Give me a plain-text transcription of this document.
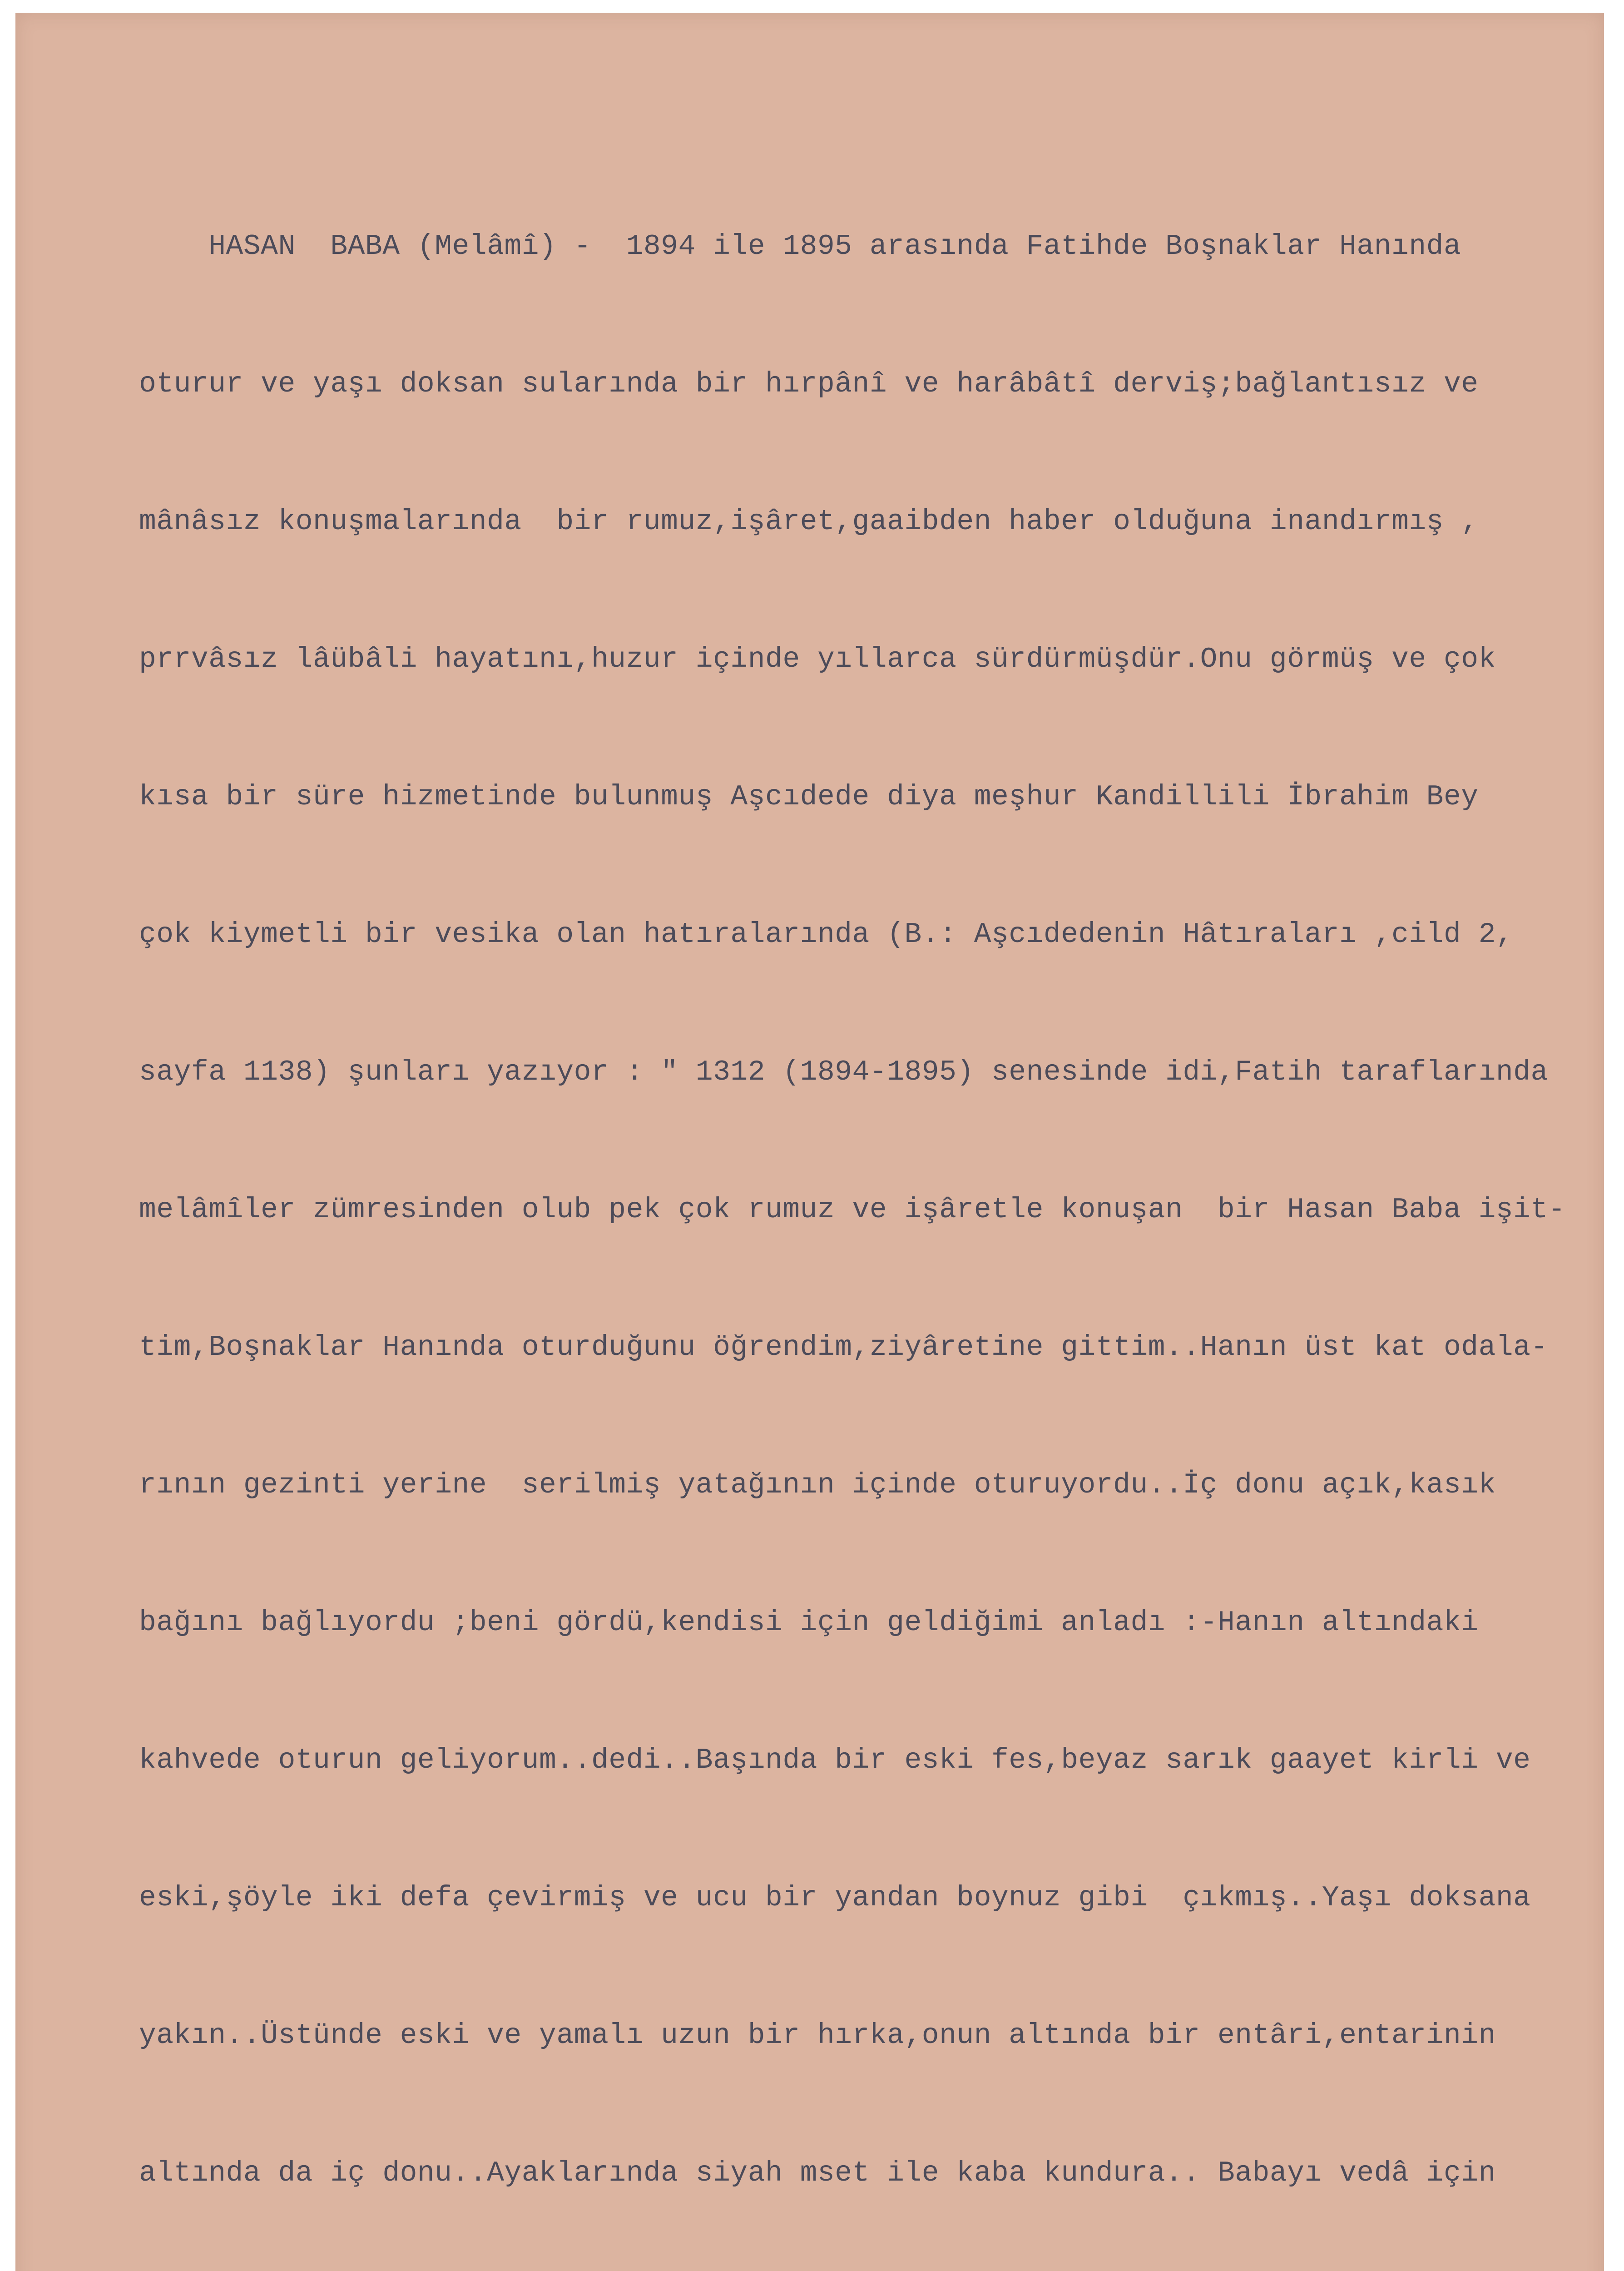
HASAN  BABA (Melâmî) -  1894 ile 1895 arasında Fatihde Boşnaklar Hanında

oturur ve yaşı doksan sularında bir hırpânî ve harâbâtî derviş;bağlantısız ve

mânâsız konuşmalarında  bir rumuz,işâret,gaaibden haber olduğuna inandırmış ,

prrvâsız lâübâli hayatını,huzur içinde yıllarca sürdürmüşdür.Onu görmüş ve çok

kısa bir süre hizmetinde bulunmuş Aşcıdede diya meşhur Kandillili İbrahim Bey

çok kiymetli bir vesika olan hatıralarında (B.: Aşcıdedenin Hâtıraları ,cild 2,

sayfa 1138) şunları yazıyor : " 1312 (1894-1895) senesinde idi,Fatih taraflarında

melâmîler zümresinden olub pek çok rumuz ve işâretle konuşan  bir Hasan Baba işit-

tim,Boşnaklar Hanında oturduğunu öğrendim,ziyâretine gittim..Hanın üst kat odala-

rının gezinti yerine  serilmiş yatağının içinde oturuyordu..İç donu açık,kasık

bağını bağlıyordu ;beni gördü,kendisi için geldiğimi anladı :-Hanın altındaki

kahvede oturun geliyorum..dedi..Başında bir eski fes,beyaz sarık gaayet kirli ve

eski,şöyle iki defa çevirmiş ve ucu bir yandan boynuz gibi  çıkmış..Yaşı doksana

yakın..Üstünde eski ve yamalı uzun bir hırka,onun altında bir entâri,entarinin

altında da iç donu..Ayaklarında siyah mset ile kaba kundura.. Babayı vedâ için
